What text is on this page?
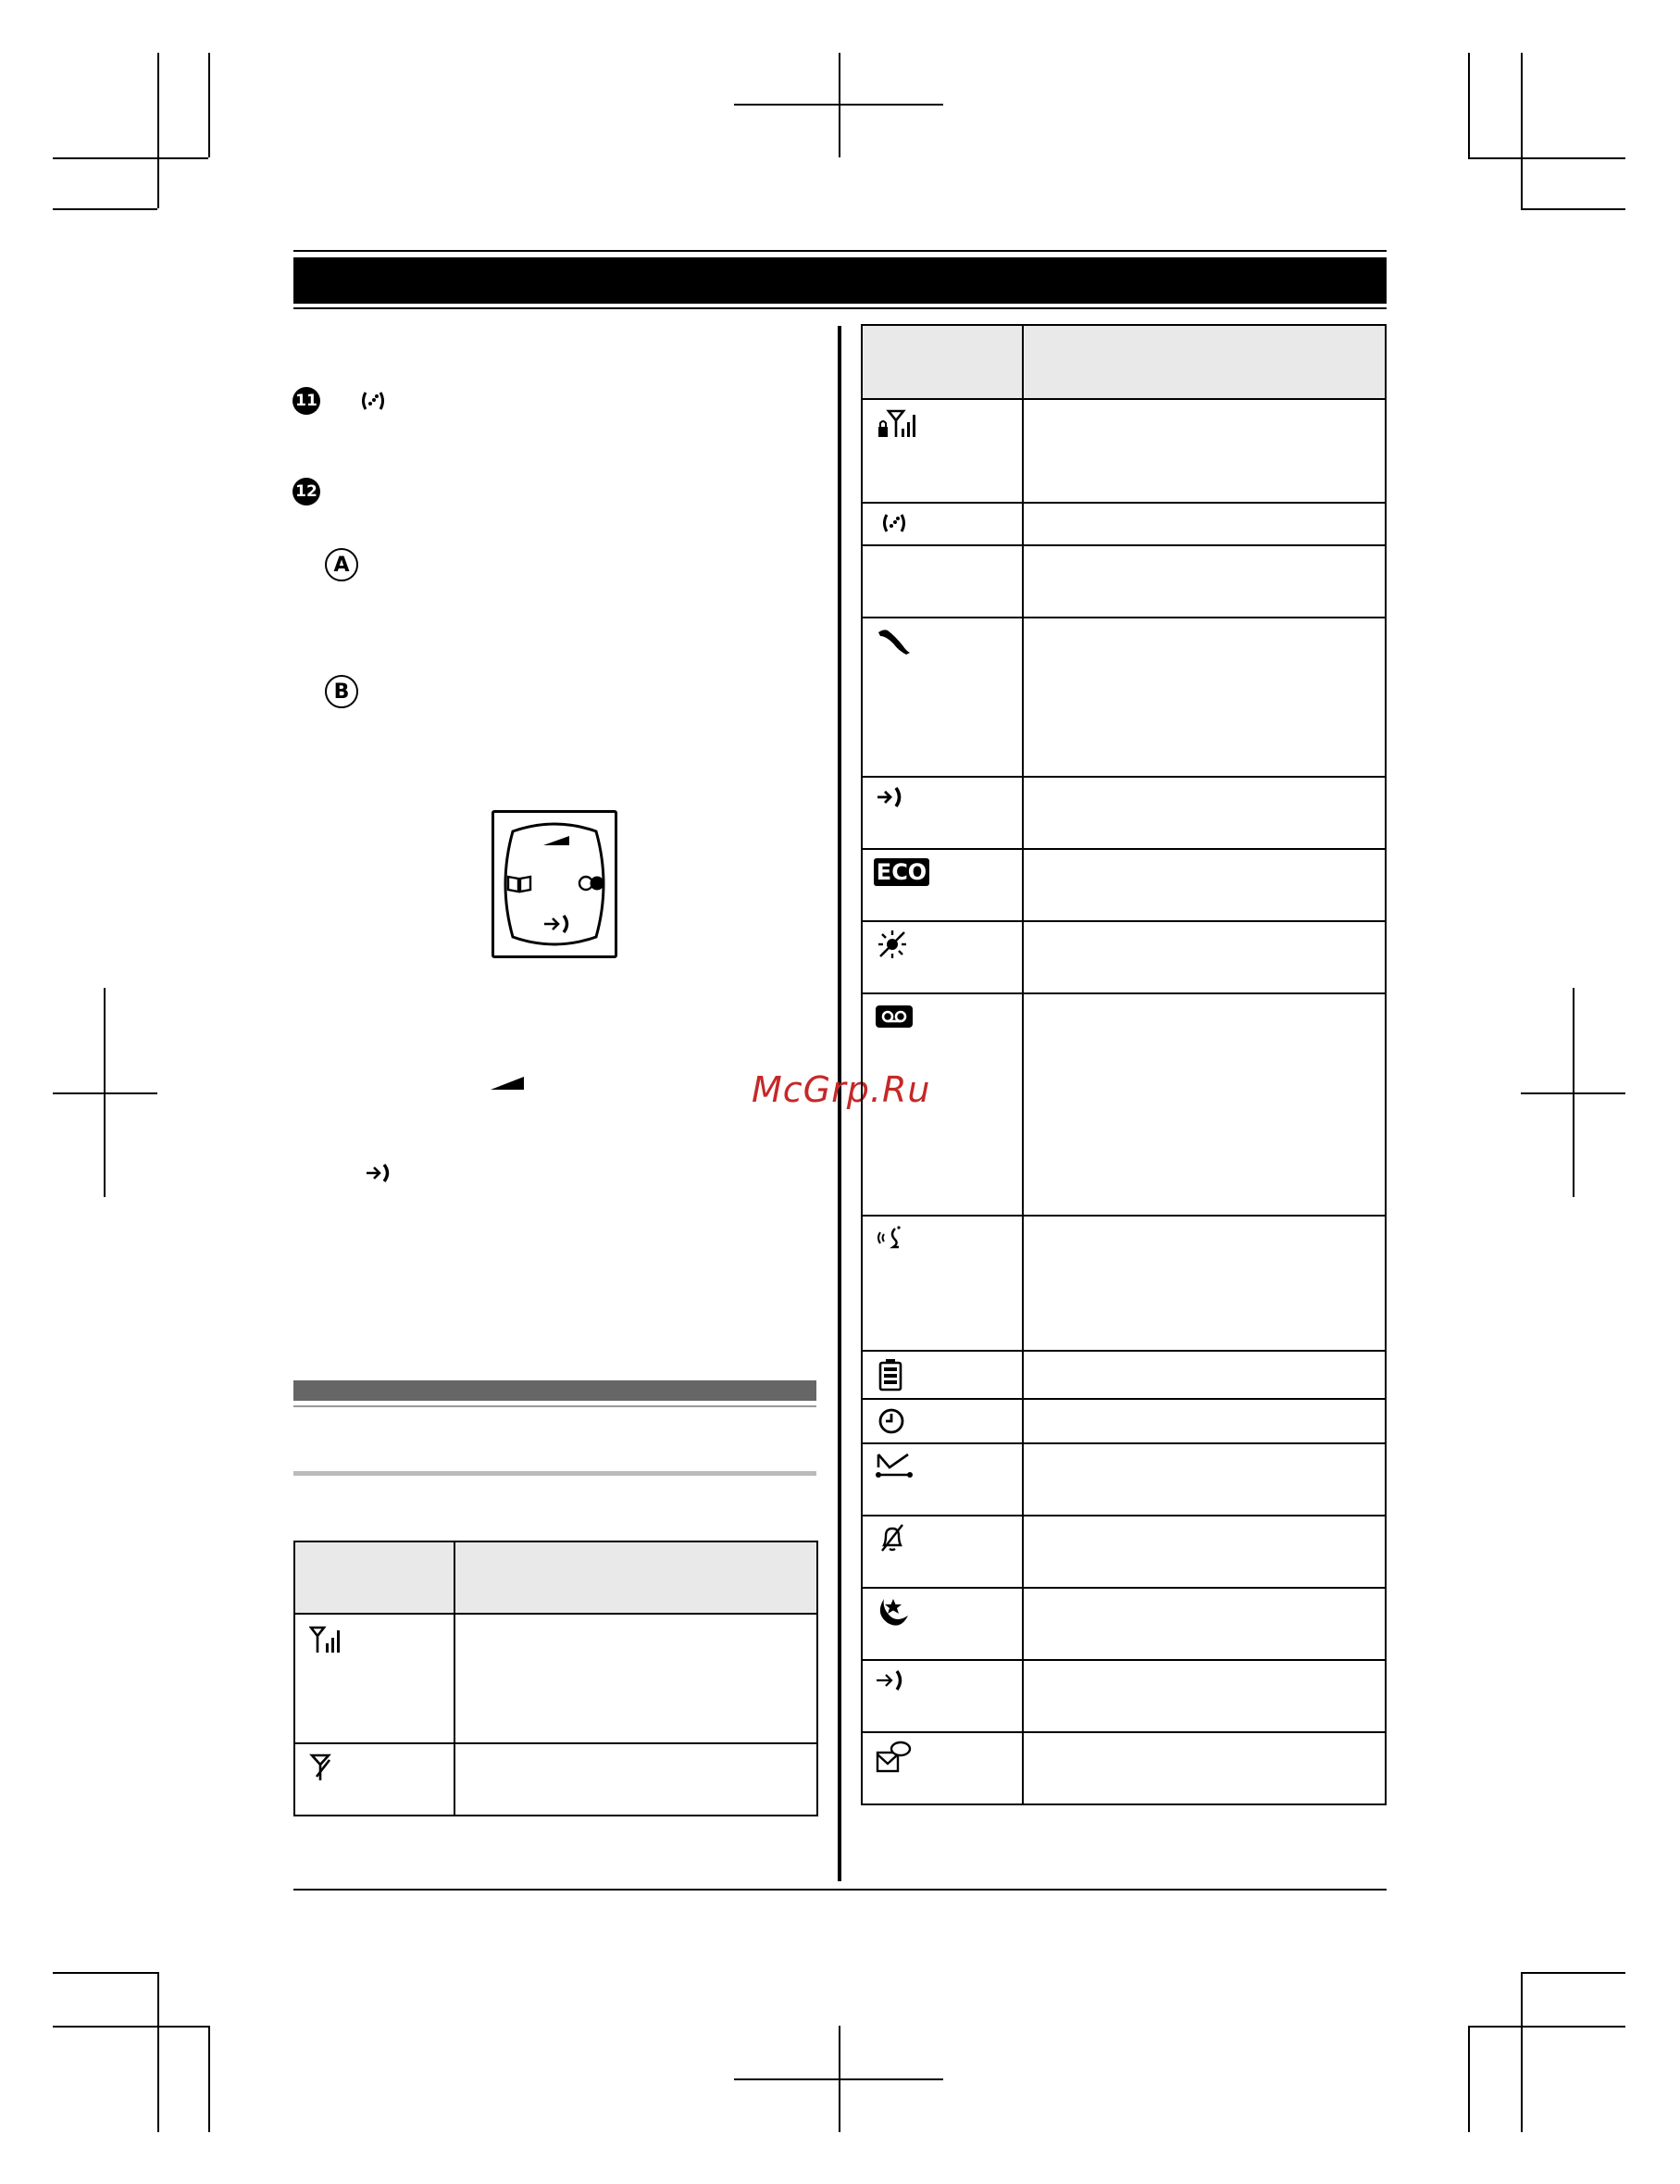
11
12
A
B
McGrp.Ru
ECO
